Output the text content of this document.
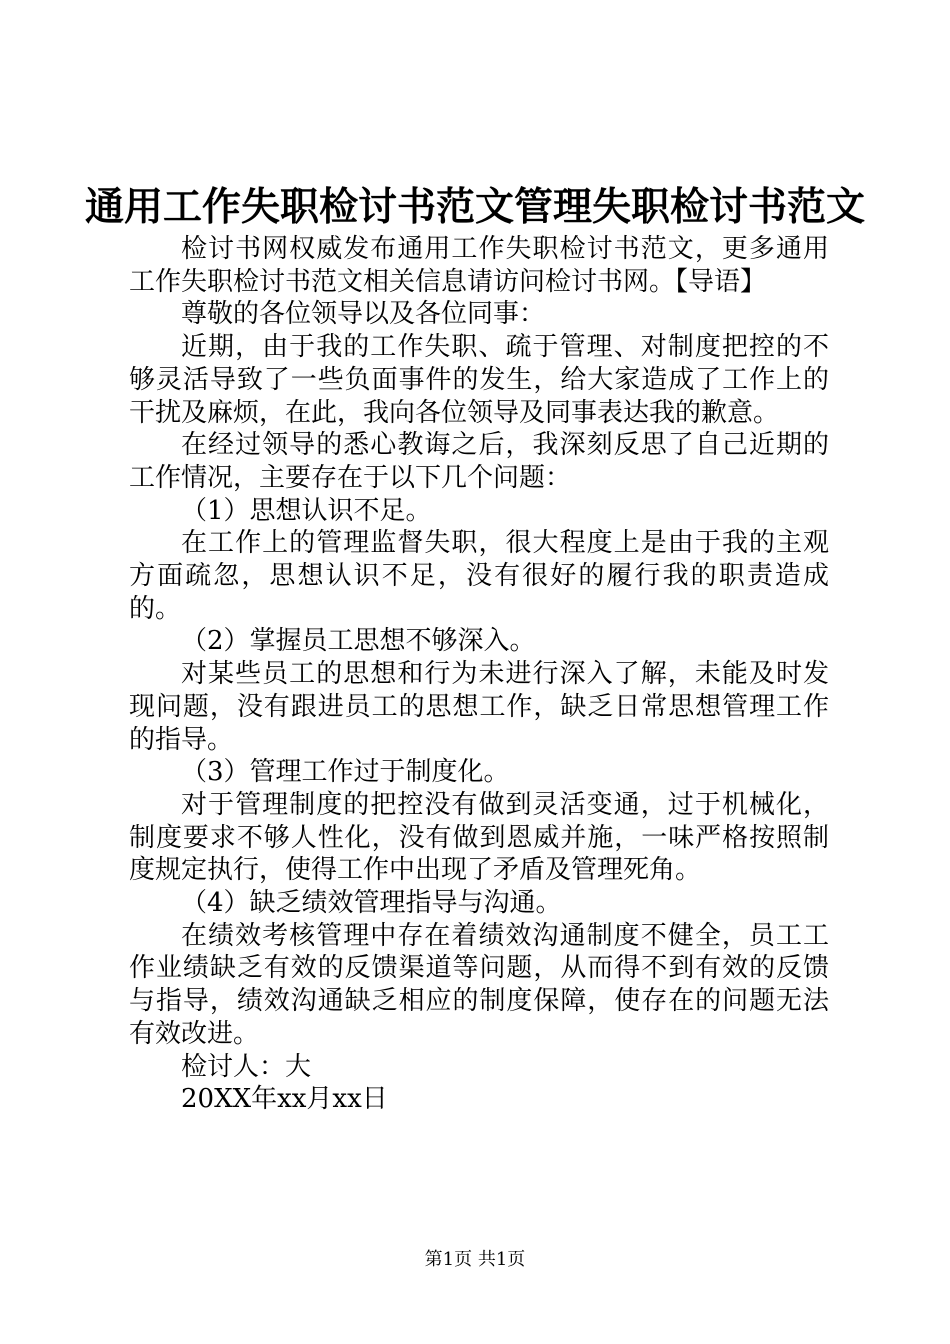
通用工作失职检讨书范文管理失职检讨书范文

检讨书网权威发布通用工作失职检讨书范文，更多通用工作失职检讨书范文相关信息请访问检讨书网。【导语】

尊敬的各位领导以及各位同事：

近期，由于我的工作失职、疏于管理、对制度把控的不够灵活导致了一些负面事件的发生，给大家造成了工作上的干扰及麻烦，在此，我向各位领导及同事表达我的歉意。

在经过领导的悉心教诲之后，我深刻反思了自己近期的工作情况，主要存在于以下几个问题：

（1）思想认识不足。

在工作上的管理监督失职，很大程度上是由于我的主观方面疏忽，思想认识不足，没有很好的履行我的职责造成的。

（2）掌握员工思想不够深入。

对某些员工的思想和行为未进行深入了解，未能及时发现问题，没有跟进员工的思想工作，缺乏日常思想管理工作的指导。

（3）管理工作过于制度化。

对于管理制度的把控没有做到灵活变通，过于机械化，制度要求不够人性化，没有做到恩威并施，一味严格按照制度规定执行，使得工作中出现了矛盾及管理死角。

（4）缺乏绩效管理指导与沟通。

在绩效考核管理中存在着绩效沟通制度不健全，员工工作业绩缺乏有效的反馈渠道等问题，从而得不到有效的反馈与指导，绩效沟通缺乏相应的制度保障，使存在的问题无法有效改进。

检讨人：大

20XX年xx月xx日

第1页 共1页
